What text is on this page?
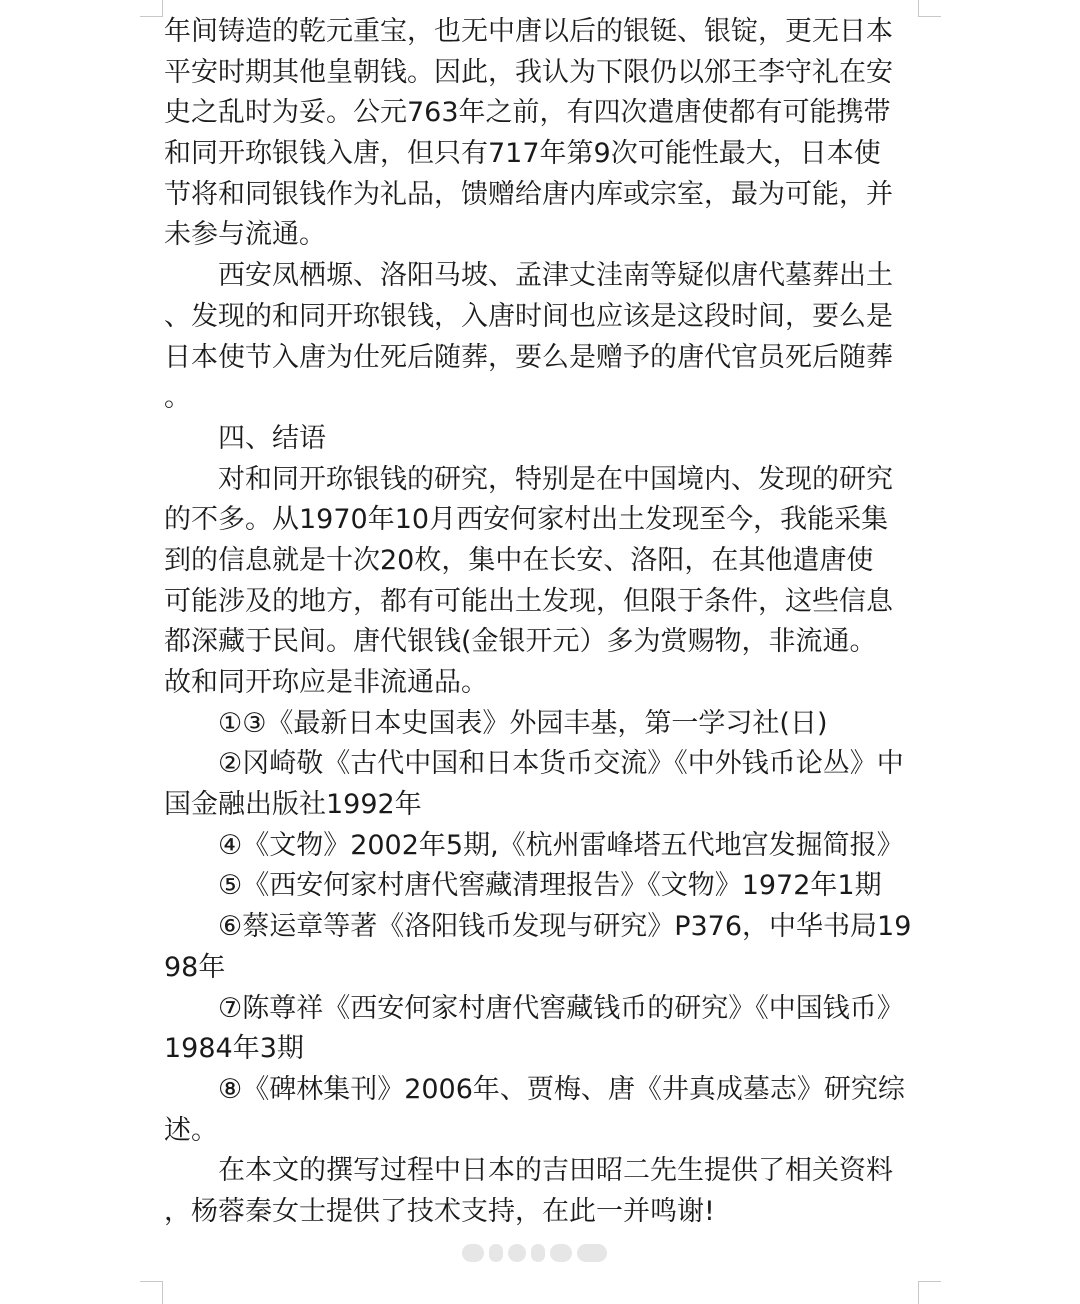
年间铸造的乾元重宝，也无中唐以后的银铤、银锭，更无日本
平安时期其他皇朝钱。因此，我认为下限仍以邠王李守礼在安
史之乱时为妥。公元763年之前，有四次遣唐使都有可能携带
和同开珎银钱入唐，但只有717年第9次可能性最大，日本使
节将和同银钱作为礼品，馈赠给唐内库或宗室，最为可能，并
未参与流通。
西安凤栖塬、洛阳马坡、孟津丈洼南等疑似唐代墓葬出土
、发现的和同开珎银钱，入唐时间也应该是这段时间，要么是
日本使节入唐为仕死后随葬，要么是赠予的唐代官员死后随葬
。
四、结语
对和同开珎银钱的研究，特别是在中国境内、发现的研究
的不多。从1970年10月西安何家村出土发现至今，我能采集
到的信息就是十次20枚，集中在长安、洛阳，在其他遣唐使
可能涉及的地方，都有可能出土发现，但限于条件，这些信息
都深藏于民间。唐代银钱(金银开元）多为赏赐物，非流通。
故和同开珎应是非流通品。
①③《最新日本史国表》外园丰基，第一学习社(日)
②冈崎敬《古代中国和日本货币交流》《中外钱币论丛》中
国金融出版社1992年
④《文物》2002年5期,《杭州雷峰塔五代地宫发掘简报》
⑤《西安何家村唐代窖藏清理报告》《文物》1972年1期
⑥蔡运章等著《洛阳钱币发现与研究》P376，中华书局19
98年
⑦陈尊祥《西安何家村唐代窖藏钱币的研究》《中国钱币》
1984年3期
⑧《碑林集刊》2006年、贾梅、唐《井真成墓志》研究综
述。
在本文的撰写过程中日本的吉田昭二先生提供了相关资料
，杨蓉秦女士提供了技术支持，在此一并鸣谢!
